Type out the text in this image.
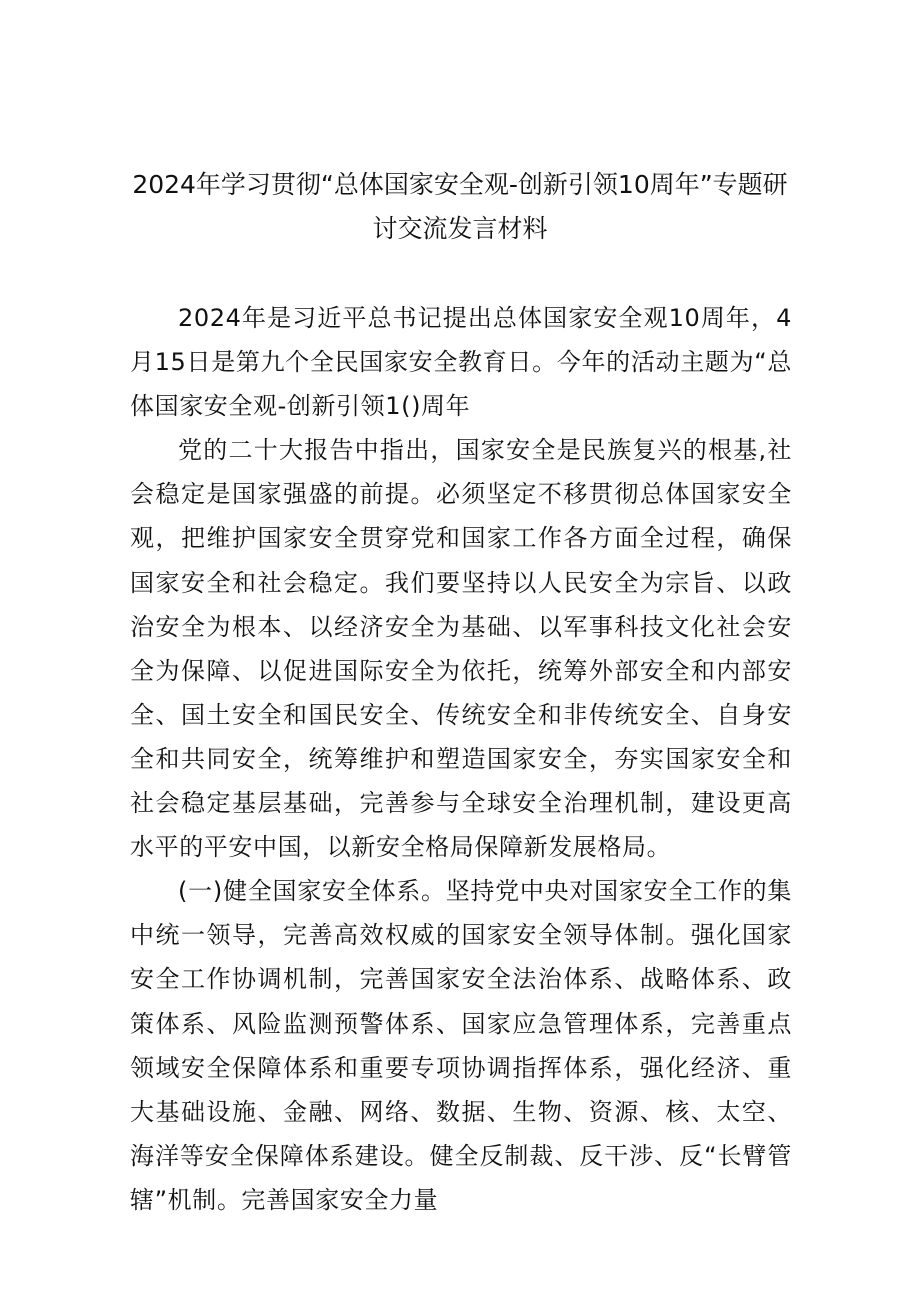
2024年学习贯彻“总体国家安全观-创新引领10周年”专题研
讨交流发言材料

2024年是习近平总书记提出总体国家安全观10周年，4月15日是第九个全民国家安全教育日。今年的活动主题为“总体国家安全观-创新引领1()周年

党的二十大报告中指出，国家安全是民族复兴的根基,社会稳定是国家强盛的前提。必须坚定不移贯彻总体国家安全观，把维护国家安全贯穿党和国家工作各方面全过程，确保国家安全和社会稳定。我们要坚持以人民安全为宗旨、以政治安全为根本、以经济安全为基础、以军事科技文化社会安全为保障、以促进国际安全为依托，统筹外部安全和内部安全、国土安全和国民安全、传统安全和非传统安全、自身安全和共同安全，统筹维护和塑造国家安全，夯实国家安全和社会稳定基层基础，完善参与全球安全治理机制，建设更高水平的平安中国，以新安全格局保障新发展格局。

(一)健全国家安全体系。坚持党中央对国家安全工作的集中统一领导，完善高效权威的国家安全领导体制。强化国家安全工作协调机制，完善国家安全法治体系、战略体系、政策体系、风险监测预警体系、国家应急管理体系，完善重点领域安全保障体系和重要专项协调指挥体系，强化经济、重大基础设施、金融、网络、数据、生物、资源、核、太空、海洋等安全保障体系建设。健全反制裁、反干涉、反“长臂管辖”机制。完善国家安全力量
